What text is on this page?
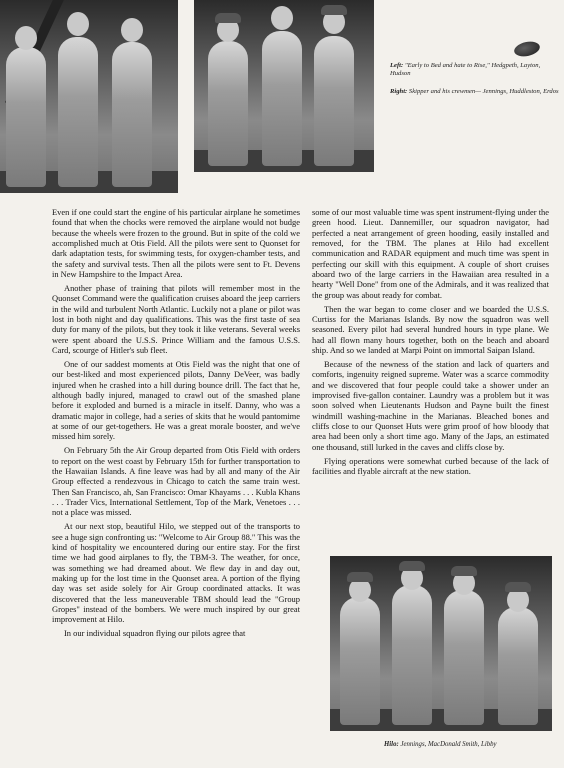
Left: "Early to Bed and hate to Rise," Hedgpeth, Layton, Hudson
Right: Skipper and his crewmen— Jennings, Huddleston, Erdos

Even if one could start the engine of his particular airplane he sometimes found that when the chocks were removed the airplane would not budge because the wheels were frozen to the ground. But in spite of the cold we accomplished much at Otis Field. All the pilots were sent to Quonset for dark adaptation tests, for swimming tests, for oxygen-chamber tests, and the safety and survival tests. Then all the pilots were sent to Ft. Devens in New Hampshire to the Impact Area.

Another phase of training that pilots will remember most in the Quonset Command were the qualification cruises aboard the jeep carriers in the wild and turbulent North Atlantic. Luckily not a plane or pilot was lost in both night and day qualifications. This was the first taste of sea duty for many of the pilots, but they took it like veterans. Several weeks were spent aboard the U.S.S. Prince William and the famous U.S.S. Card, scourge of Hitler's sub fleet.

One of our saddest moments at Otis Field was the night that one of our best-liked and most experienced pilots, Danny DeVeer, was badly injured when he crashed into a hill during bounce drill. The fact that he, although badly injured, managed to crawl out of the smashed plane before it exploded and burned is a miracle in itself. Danny, who was a dramatic major in college, had a series of skits that he would pantomime at some of our get-togethers. He was a great morale booster, and we've missed him sorely.

On February 5th the Air Group departed from Otis Field with orders to report on the west coast by February 15th for further transportation to the Hawaiian Islands. A fine leave was had by all and many of the Air Group effected a rendezvous in Chicago to catch the same train west. Then San Francisco, ah, San Francisco: Omar Khayams . . . Kubla Khans . . . Trader Vics, International Settlement, Top of the Mark, Venetoes . . . not a place was missed.

At our next stop, beautiful Hilo, we stepped out of the transports to see a huge sign confronting us: "Welcome to Air Group 88." This was the kind of hospitality we encountered during our entire stay. For the first time we had good airplanes to fly, the TBM-3. The weather, for once, was something we had dreamed about. We flew day in and day out, making up for the lost time in the Quonset area. A portion of the flying day was set aside solely for Air Group coordinated attacks. It was discovered that the less maneuverable TBM should lead the "Group Gropes" instead of the bombers. We were much inspired by our great improvement at Hilo.

In our individual squadron flying our pilots agree that

some of our most valuable time was spent instrument-flying under the green hood. Lieut. Dannemiller, our squadron navigator, had perfected a neat arrangement of green hooding, easily installed and removed, for the TBM. The planes at Hilo had excellent communication and RADAR equipment and much time was spent in perfecting our skill with this equipment. A couple of short cruises aboard two of the large carriers in the Hawaiian area resulted in a hearty "Well Done" from one of the Admirals, and it was realized that the group was about ready for combat.

Then the war began to come closer and we boarded the U.S.S. Curtiss for the Marianas Islands. By now the squadron was well seasoned. Every pilot had several hundred hours in type plane. We had all flown many hours together, both on the beach and aboard ship. And so we landed at Marpi Point on immortal Saipan Island.

Because of the newness of the station and lack of quarters and comforts, ingenuity reigned supreme. Water was a scarce commodity and we discovered that four people could take a shower under an improvised five-gallon container. Laundry was a problem but it was soon solved when Lieutenants Hudson and Payne built the finest windmill washing-machine in the Marianas. Bleached bones and cliffs close to our Quonset Huts were grim proof of how bloody that area had been only a short time ago. Many of the Japs, an estimated one thousand, still lurked in the caves and cliffs close by.

Flying operations were somewhat curbed because of the lack of facilities and flyable aircraft at the new station.

Hilo: Jennings, MacDonald Smith, Libby
